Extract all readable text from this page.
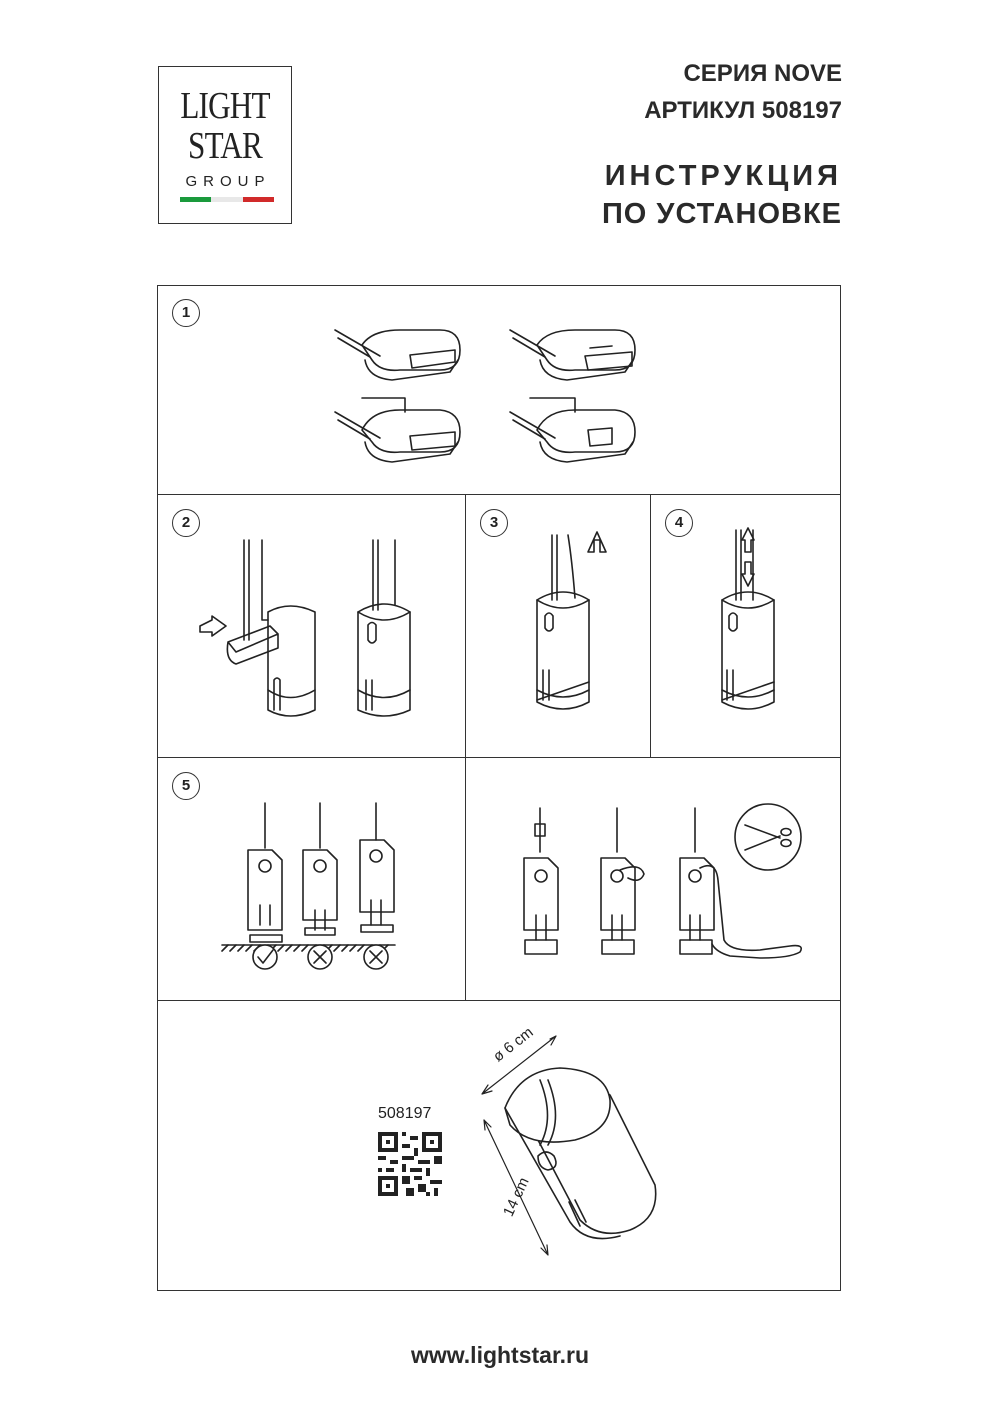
LIGHT
STAR
GROUP
СЕРИЯ NOVE
АРТИКУЛ 508197
ИНСТРУКЦИЯ
ПО УСТАНОВКЕ
1
2	3	4
5
ø 6 cm
14 cm
508197
www.lightstar.ru
